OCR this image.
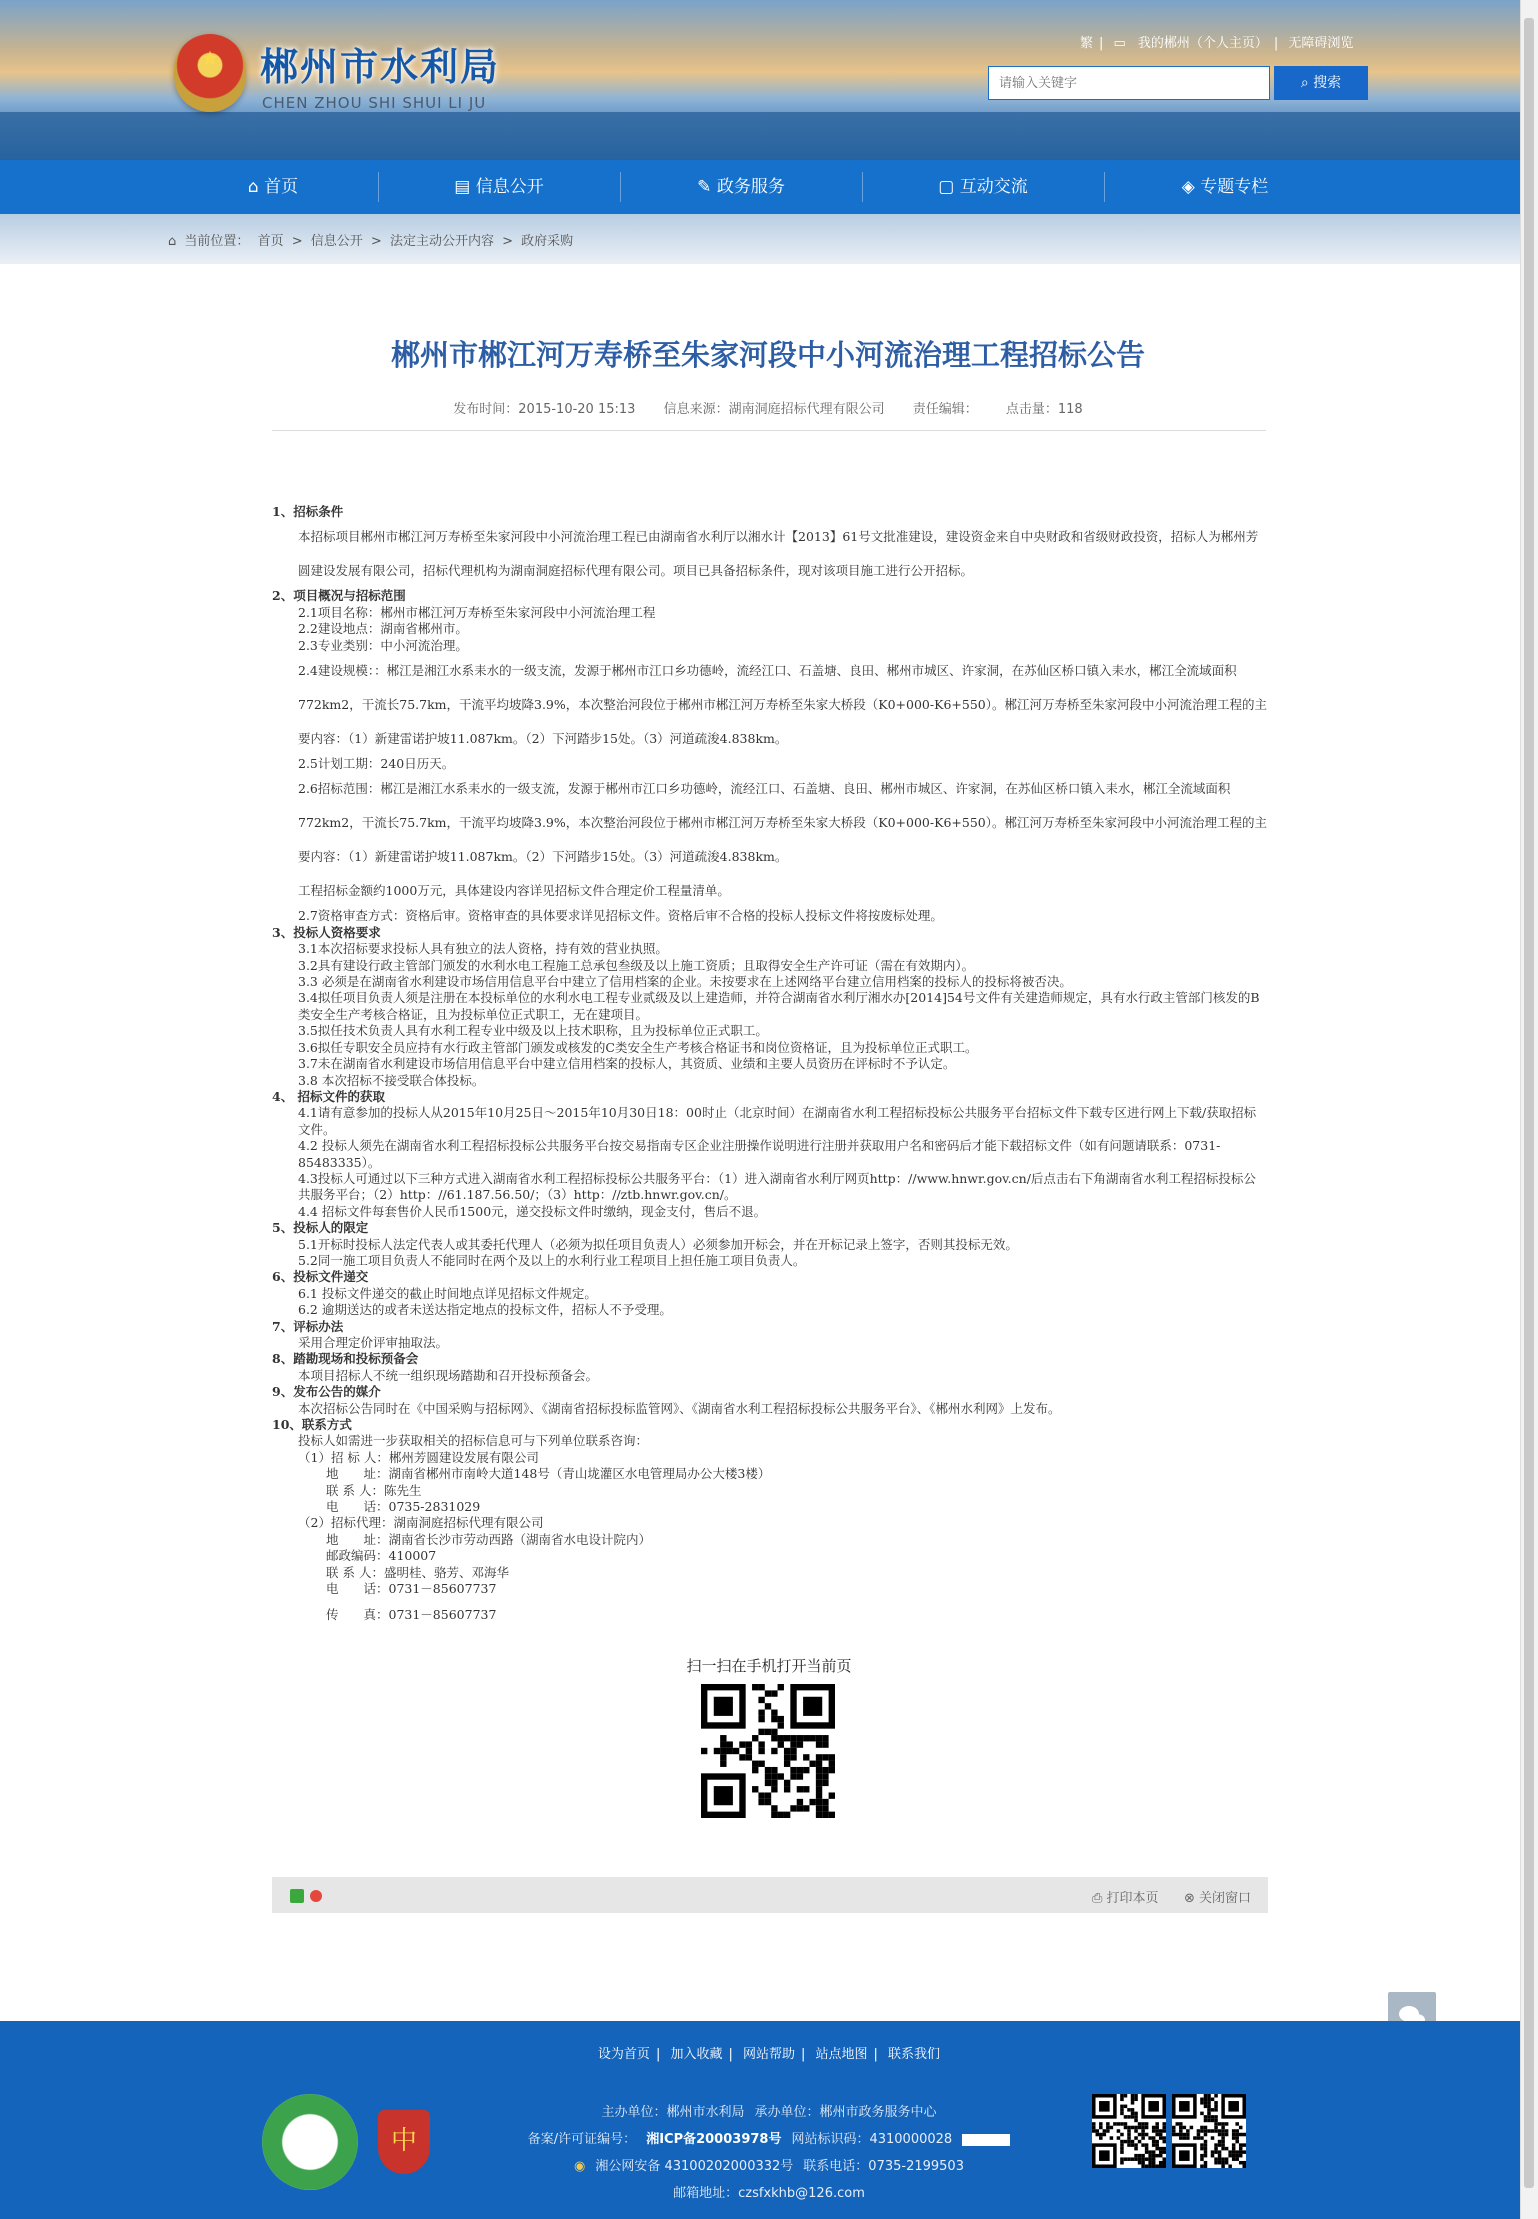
★	郴州市水利局
CHEN ZHOU SHI SHUI LI JU
繁 | ▭ 我的郴州（个人主页） | 无障碍浏览
请输入关键字
⌕ 搜索
⌂ 首页	▤ 信息公开	✎ 政务服务	▢ 互动交流	◈ 专题专栏
⌂ 当前位置： 首页 > 信息公开 > 法定主动公开内容 > 政府采购
郴州市郴江河万寿桥至朱家河段中小河流治理工程招标公告
发布时间：2015-10-20 15:13 信息来源：湖南洞庭招标代理有限公司 责任编辑： 点击量：118

1、招标条件

本招标项目郴州市郴江河万寿桥至朱家河段中小河流治理工程已由湖南省水利厅以湘水计【2013】61号文批准建设，建设资金来自中央财政和省级财政投资，招标人为郴州芳圆建设发展有限公司，招标代理机构为湖南洞庭招标代理有限公司。项目已具备招标条件，现对该项目施工进行公开招标。

2、项目概况与招标范围

2.1项目名称：郴州市郴江河万寿桥至朱家河段中小河流治理工程

2.2建设地点：湖南省郴州市。

2.3专业类别：中小河流治理。

2.4建设规模：：郴江是湘江水系耒水的一级支流，发源于郴州市江口乡功德岭，流经江口、石盖塘、良田、郴州市城区、许家洞，在苏仙区桥口镇入耒水，郴江全流域面积772km2，干流长75.7km，干流平均坡降3.9%，本次整治河段位于郴州市郴江河万寿桥至朱家大桥段（K0+000-K6+550）。郴江河万寿桥至朱家河段中小河流治理工程的主要内容：（1）新建雷诺护坡11.087km。（2）下河踏步15处。（3）河道疏浚4.838km。

2.5计划工期：240日历天。

2.6招标范围：郴江是湘江水系耒水的一级支流，发源于郴州市江口乡功德岭，流经江口、石盖塘、良田、郴州市城区、许家洞，在苏仙区桥口镇入耒水，郴江全流域面积772km2，干流长75.7km，干流平均坡降3.9%，本次整治河段位于郴州市郴江河万寿桥至朱家大桥段（K0+000-K6+550）。郴江河万寿桥至朱家河段中小河流治理工程的主要内容：（1）新建雷诺护坡11.087km。（2）下河踏步15处。（3）河道疏浚4.838km。

工程招标金额约1000万元，具体建设内容详见招标文件合理定价工程量清单。

2.7资格审查方式：资格后审。资格审查的具体要求详见招标文件。资格后审不合格的投标人投标文件将按废标处理。

3、投标人资格要求

3.1本次招标要求投标人具有独立的法人资格，持有效的营业执照。

3.2具有建设行政主管部门颁发的水利水电工程施工总承包叁级及以上施工资质；且取得安全生产许可证（需在有效期内）。

3.3 必须是在湖南省水利建设市场信用信息平台中建立了信用档案的企业。未按要求在上述网络平台建立信用档案的投标人的投标将被否决。

3.4拟任项目负责人须是注册在本投标单位的水利水电工程专业贰级及以上建造师，并符合湖南省水利厅湘水办[2014]54号文件有关建造师规定，具有水行政主管部门核发的B类安全生产考核合格证，且为投标单位正式职工，无在建项目。

3.5拟任技术负责人具有水利工程专业中级及以上技术职称，且为投标单位正式职工。

3.6拟任专职安全员应持有水行政主管部门颁发或核发的C类安全生产考核合格证书和岗位资格证，且为投标单位正式职工。

3.7未在湖南省水利建设市场信用信息平台中建立信用档案的投标人，其资质、业绩和主要人员资历在评标时不予认定。

3.8 本次招标不接受联合体投标。

4、 招标文件的获取

4.1请有意参加的投标人从2015年10月25日～2015年10月30日18：00时止（北京时间）在湖南省水利工程招标投标公共服务平台招标文件下载专区进行网上下载/获取招标文件。

4.2 投标人须先在湖南省水利工程招标投标公共服务平台按交易指南专区企业注册操作说明进行注册并获取用户名和密码后才能下载招标文件（如有问题请联系：0731-85483335）。

4.3投标人可通过以下三种方式进入湖南省水利工程招标投标公共服务平台：（1）进入湖南省水利厅网页http：//www.hnwr.gov.cn/后点击右下角湖南省水利工程招标投标公共服务平台；（2）http：//61.187.56.50/；（3）http：//ztb.hnwr.gov.cn/。

4.4 招标文件每套售价人民币1500元，递交投标文件时缴纳，现金支付，售后不退。

5、投标人的限定

5.1开标时投标人法定代表人或其委托代理人（必须为拟任项目负责人）必须参加开标会，并在开标记录上签字，否则其投标无效。

5.2同一施工项目负责人不能同时在两个及以上的水利行业工程项目上担任施工项目负责人。

6、投标文件递交

6.1 投标文件递交的截止时间地点详见招标文件规定。

6.2 逾期送达的或者未送达指定地点的投标文件，招标人不予受理。

7、评标办法

采用合理定价评审抽取法。

8、踏勘现场和投标预备会

本项目招标人不统一组织现场踏勘和召开投标预备会。

9、发布公告的媒介

本次招标公告同时在《中国采购与招标网》、《湖南省招标投标监管网》、《湖南省水利工程招标投标公共服务平台》、《郴州水利网》上发布。

10、联系方式

投标人如需进一步获取相关的招标信息可与下列单位联系咨询：

（1）招 标 人：郴州芳圆建设发展有限公司

地　　址：湖南省郴州市南岭大道148号（青山垅灌区水电管理局办公大楼3楼）

联 系 人：陈先生

电　　话：0735-2831029

（2）招标代理：湖南洞庭招标代理有限公司

地　　址：湖南省长沙市劳动西路（湖南省水电设计院内）

邮政编码：410007

联 系 人：盛明桂、骆芳、邓海华

电　　话：0731－85607737

传　　真：0731－85607737

扫一扫在手机打开当前页
⎙ 打印本页 ⊗ 关闭窗口
设为首页 | 加入收藏 | 网站帮助 | 站点地图 | 联系我们
主办单位：郴州市水利局 承办单位：郴州市政务服务中心
备案/许可证编号： 湘ICP备20003978号 网站标识码：4310000028
◉ 湘公网安备 43100202000332号 联系电话：0735-2199503
邮箱地址：czsfxkhb@126.com
中
